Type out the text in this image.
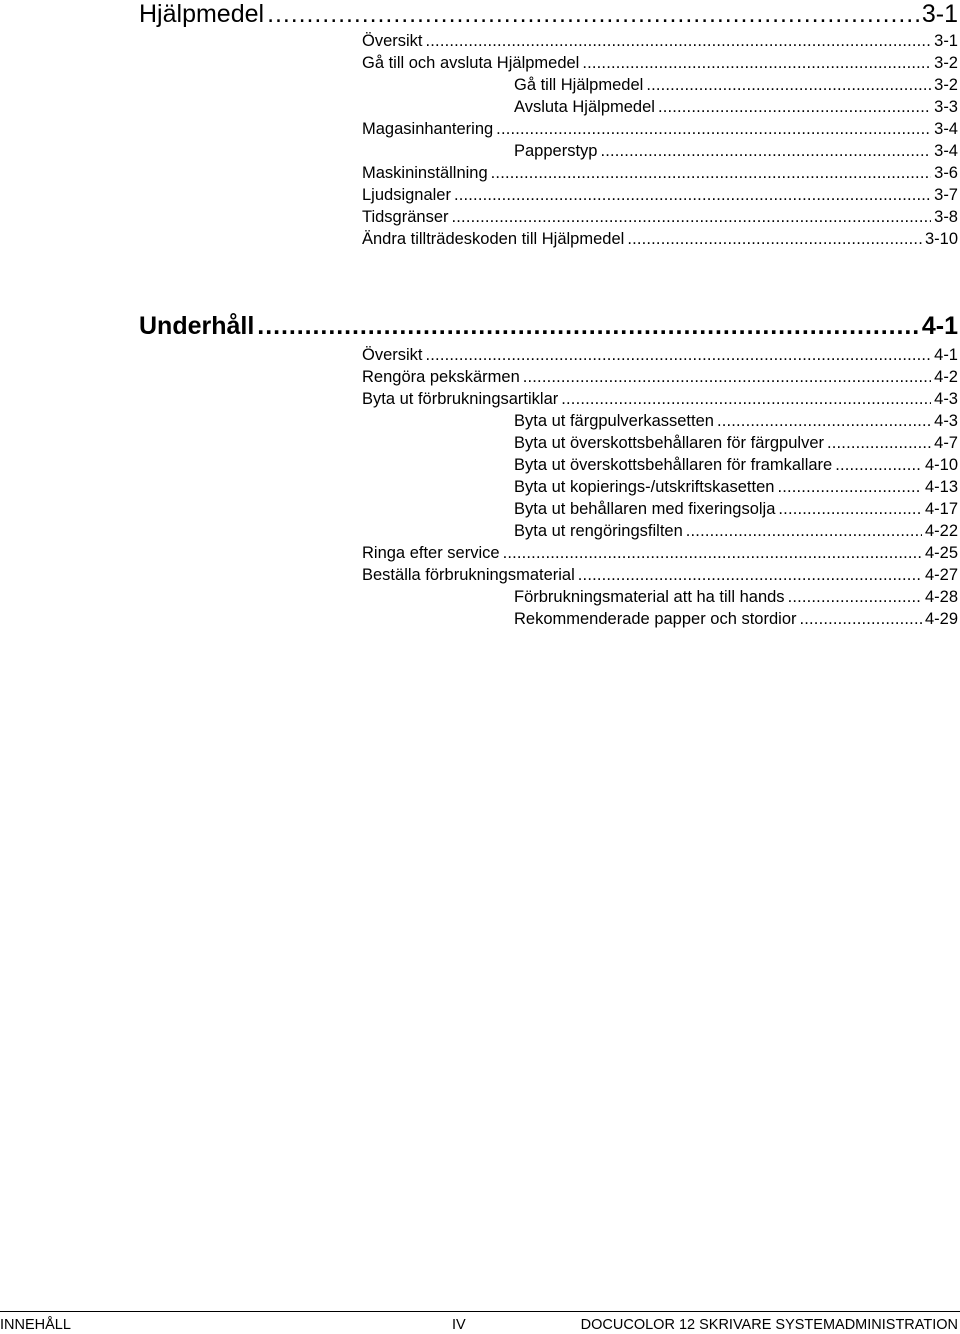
Hjälpmedel . . .	3-1
Översikt . . .	3-1
Gå till och avsluta Hjälpmedel . . .	3-2
Gå till Hjälpmedel . . .	3-2
Avsluta Hjälpmedel . . .	3-3
Magasinhantering . . .	3-4
Papperstyp . . .	3-4
Maskininställning . . .	3-6
Ljudsignaler . . .	3-7
Tidsgränser . . .	3-8
Ändra tillträdeskoden till Hjälpmedel . . .	3-10
Underhåll . . .	4-1
Översikt . . .	4-1
Rengöra pekskärmen . . .	4-2
Byta ut förbrukningsartiklar . . .	4-3
Byta ut färgpulverkassetten . . .	4-3
Byta ut överskottsbehållaren för färgpulver . . .	4-7
Byta ut överskottsbehållaren för framkallare . . .	4-10
Byta ut kopierings-/utskriftskasetten . . .	4-13
Byta ut behållaren med fixeringsolja . . .	4-17
Byta ut rengöringsfilten . . .	4-22
Ringa efter service . . .	4-25
Beställa förbrukningsmaterial . . .	4-27
Förbrukningsmaterial att ha till hands . . .	4-28
Rekommenderade papper och stordior . . .	4-29
INNEHÅLL	IV	DOCUCOLOR 12 SKRIVARE SYSTEMADMINISTRATION
